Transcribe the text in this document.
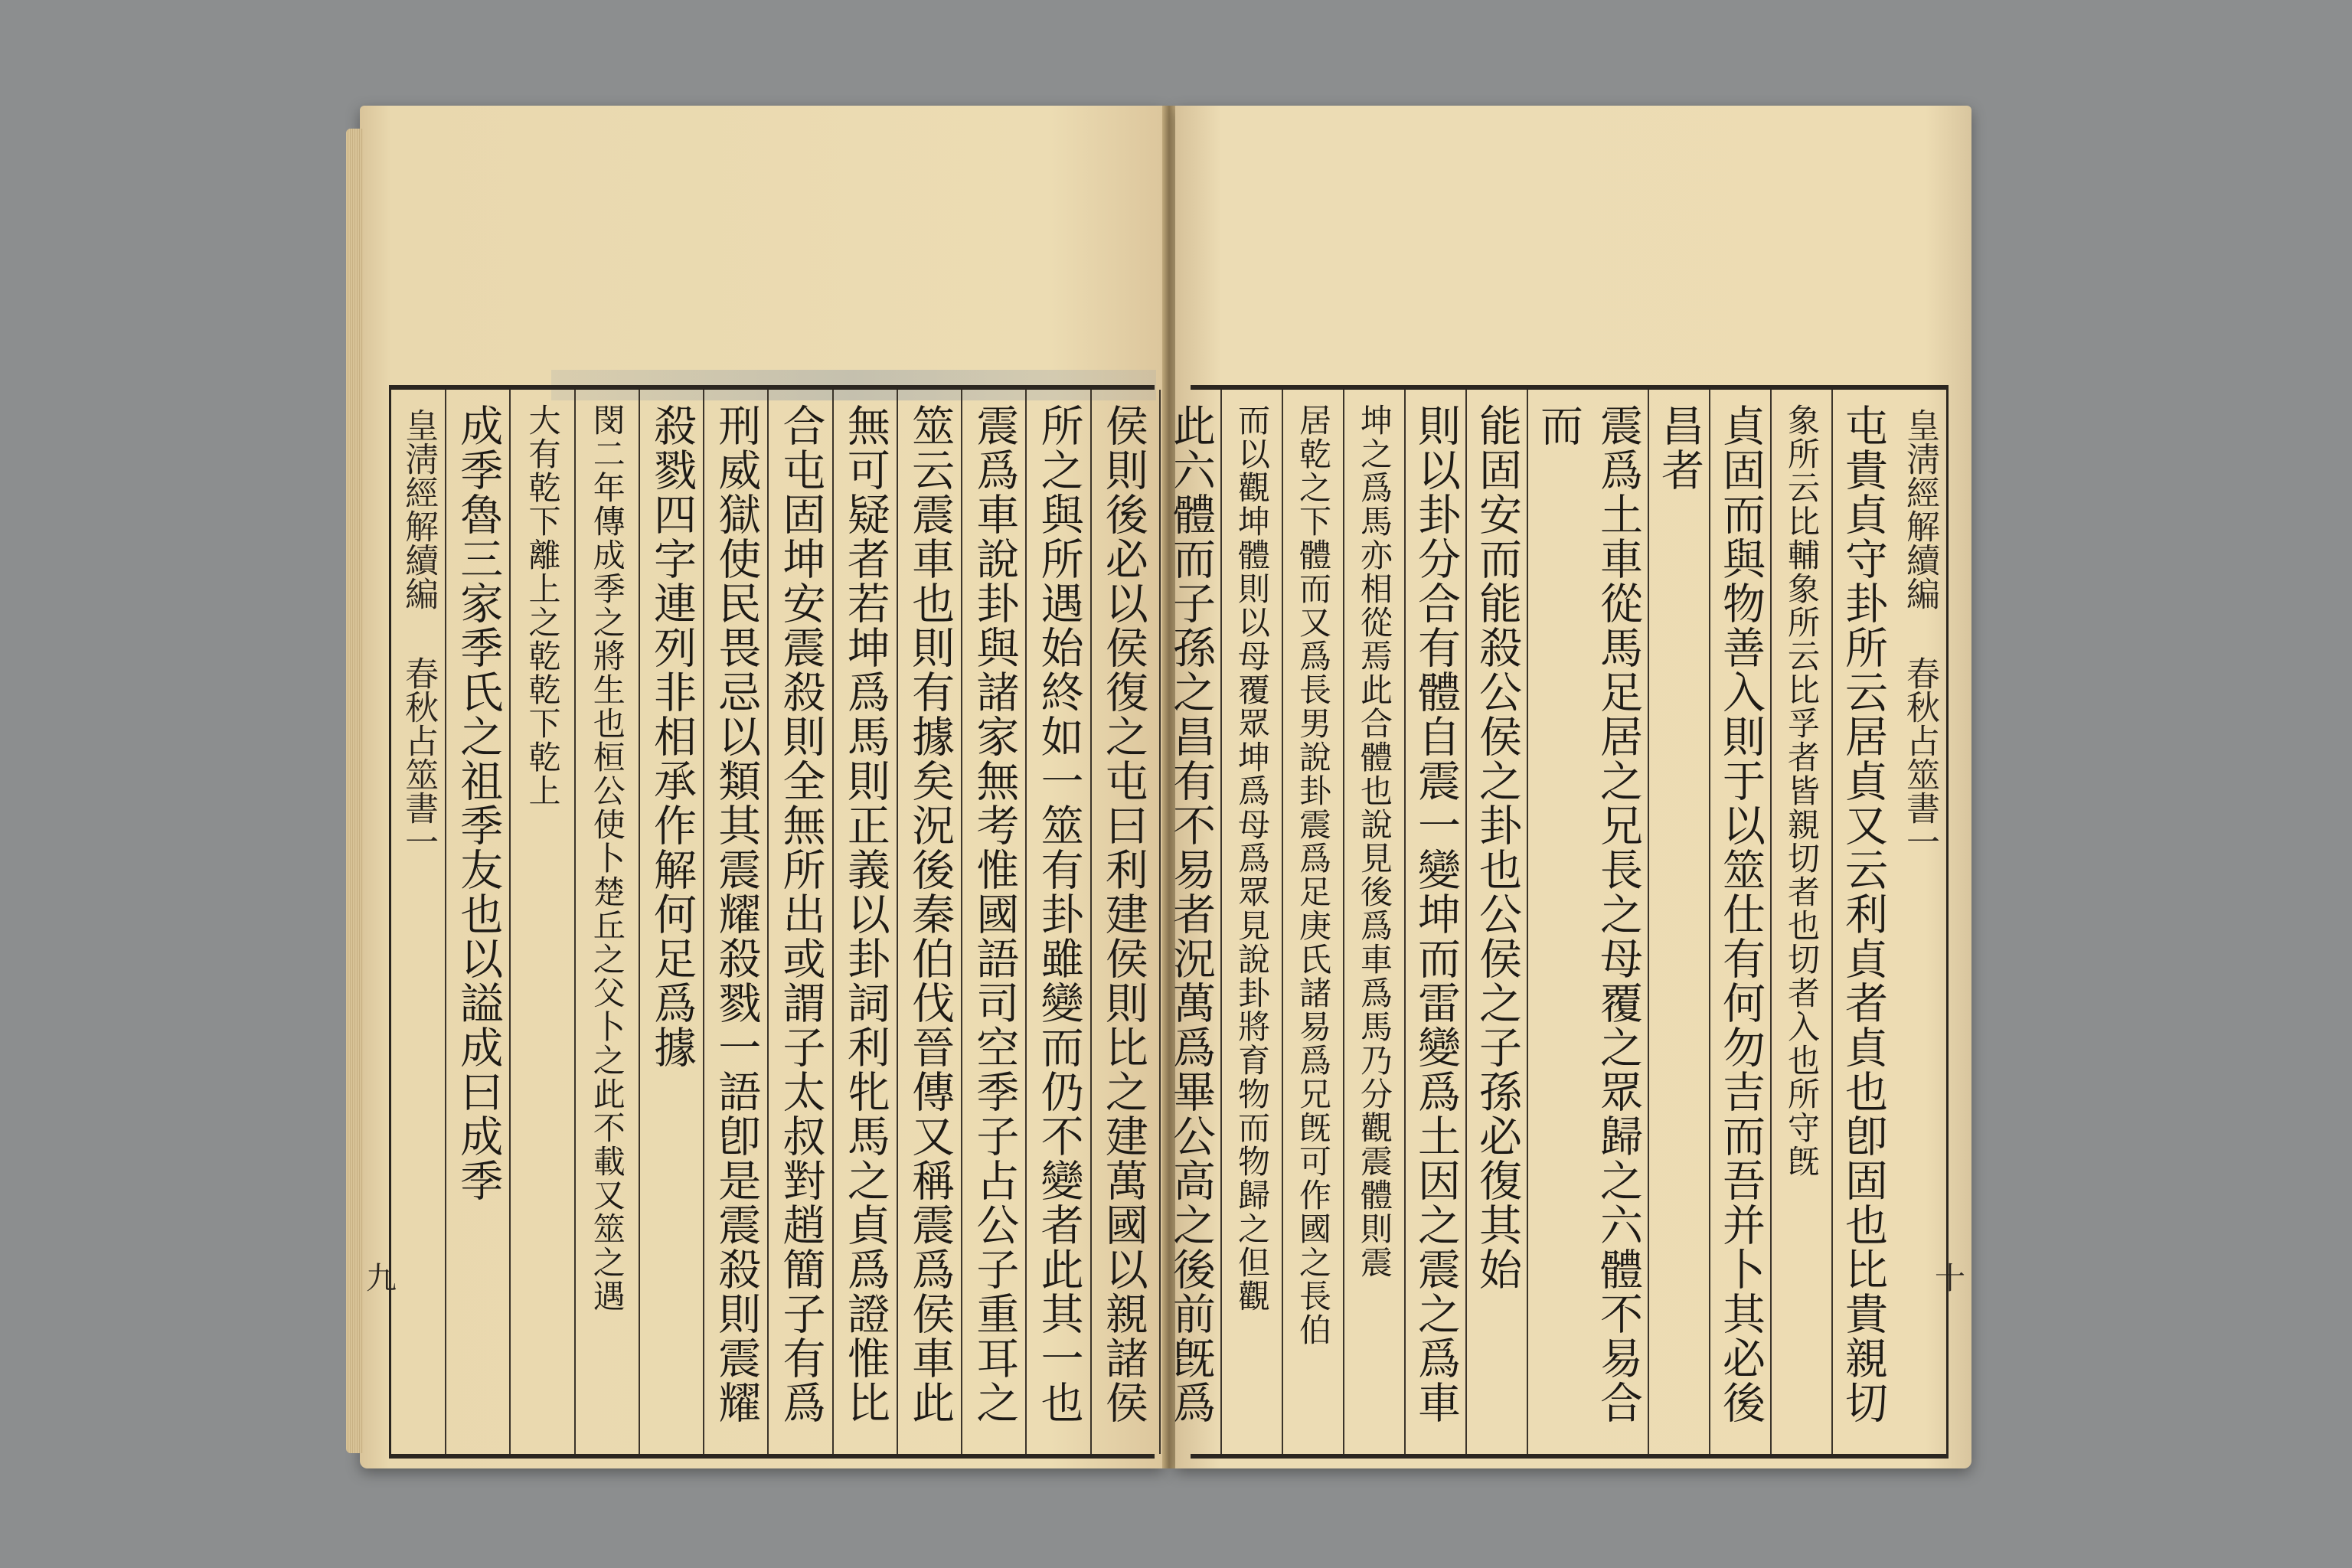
侯則後必以侯復之屯曰利建侯則比之建萬國以親諸侯
所之與所遇始終如一筮有卦雖變而仍不變者此其一也
震爲車說卦與諸家無考惟國語司空季子占公子重耳之
筮云震車也則有據矣況後秦伯伐晉傳又稱震爲侯車此
無可疑者若坤爲馬則正義以卦詞利牝馬之貞爲證惟比
合屯固坤安震殺則全無所出或謂子太叔對趙簡子有爲
刑威獄使民畏忌以類其震耀殺戮一語卽是震殺則震耀
殺戮四字連列非相承作解何足爲據
閔二年傳成季之將生也桓公使卜楚丘之父卜之此不載又筮之遇
大有乾下離上之乾乾下乾上
成季魯三家季氏之祖季友也以謚成曰成季
皇淸經解續編
春秋占筮書一
九
皇淸經解續編
春秋占筮書一
屯貴貞守卦所云居貞又云利貞者貞也卽固也比貴親切
象所云比輔象所云比孚者皆親切者也切者入也所守旣
貞固而與物善入則于以筮仕有何勿吉而吾并卜其必後
昌者
震爲土車從馬足居之兄長之母覆之眾歸之六體不易合而
能固安而能殺公侯之卦也公侯之子孫必復其始
則以卦分合有體自震一變坤而雷變爲土因之震之爲車
坤之爲馬亦相從焉此合體也說見後爲車爲馬乃分觀震體則震
居乾之下體而又爲長男說卦震爲足庚氏諸易爲兄旣可作國之長伯
而以觀坤體則以母覆眾坤爲母爲眾見說卦將育物而物歸之但觀
此六體而子孫之昌有不易者況萬爲畢公高之後前旣爲	十
